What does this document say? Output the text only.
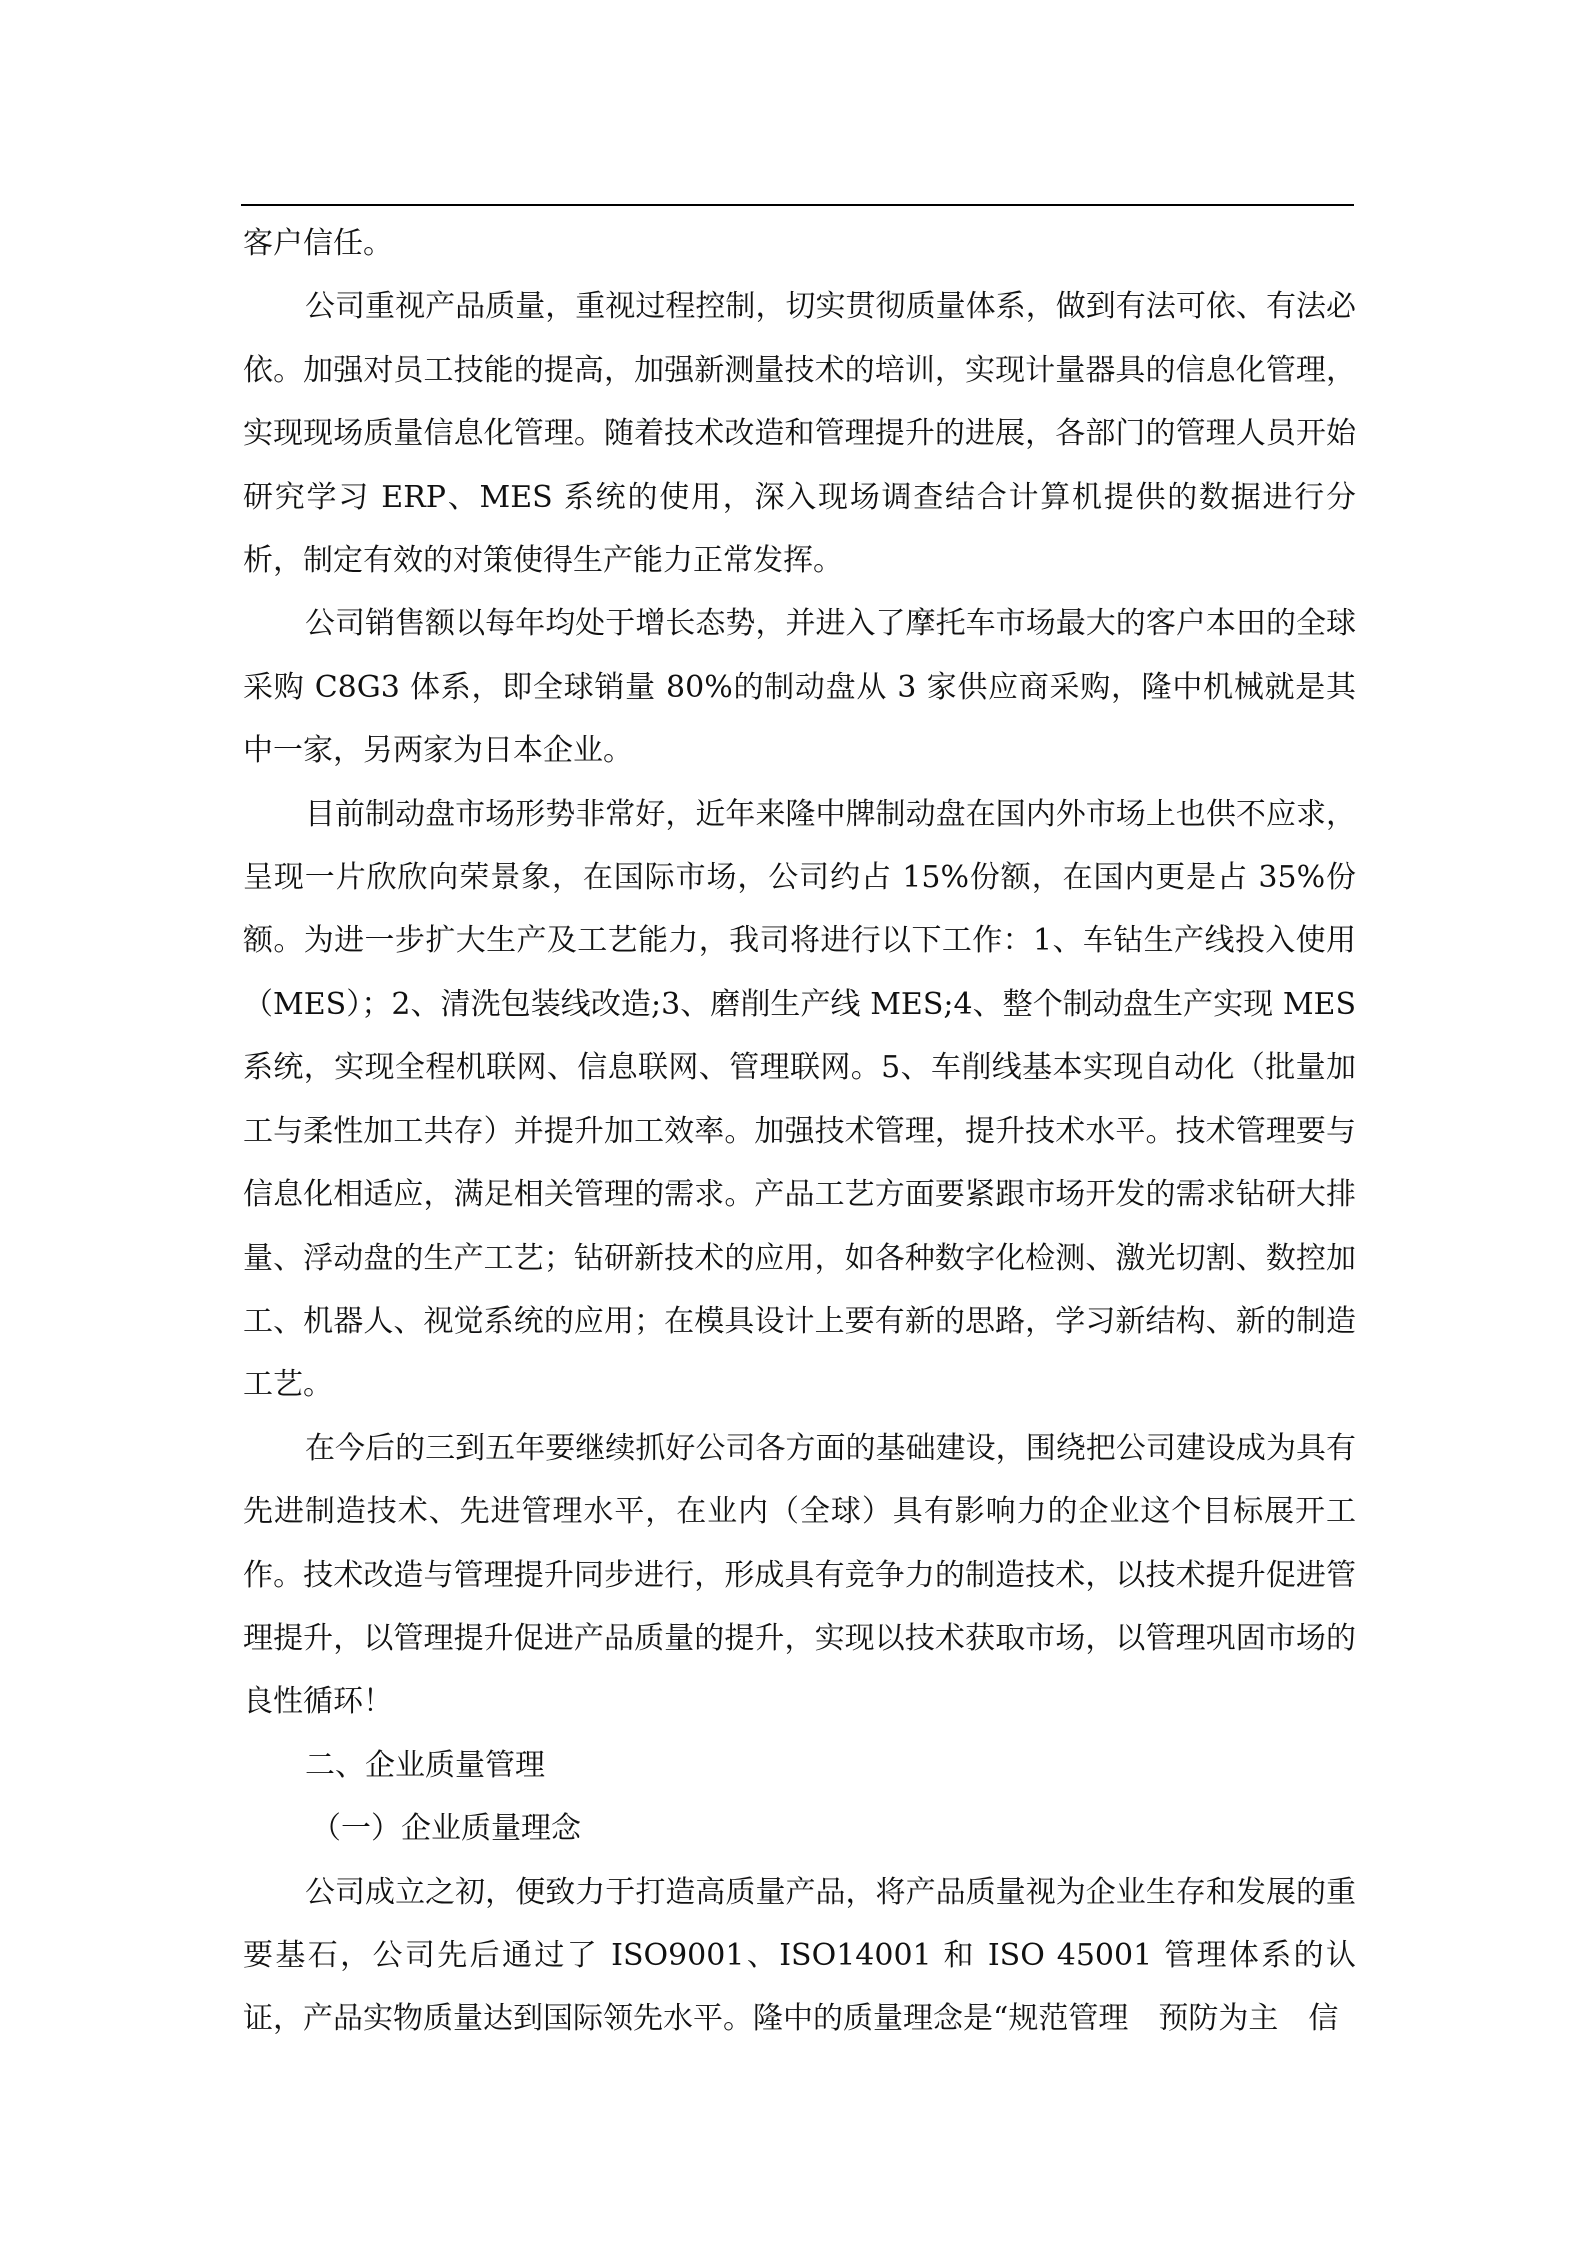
客户信任。

公司重视产品质量，重视过程控制，切实贯彻质量体系，做到有法可依、有法必依。加强对员工技能的提高，加强新测量技术的培训，实现计量器具的信息化管理，实现现场质量信息化管理。随着技术改造和管理提升的进展，各部门的管理人员开始研究学习 ERP、MES 系统的使用，深入现场调查结合计算机提供的数据进行分析，制定有效的对策使得生产能力正常发挥。

公司销售额以每年均处于增长态势，并进入了摩托车市场最大的客户本田的全球采购 C8G3 体系，即全球销量 80%的制动盘从 3 家供应商采购，隆中机械就是其中一家，另两家为日本企业。

目前制动盘市场形势非常好，近年来隆中牌制动盘在国内外市场上也供不应求，呈现一片欣欣向荣景象，在国际市场，公司约占 15%份额，在国内更是占 35%份额。为进一步扩大生产及工艺能力，我司将进行以下工作：1、车钻生产线投入使用（MES）；2、清洗包装线改造;3、磨削生产线 MES;4、整个制动盘生产实现 MES 系统，实现全程机联网、信息联网、管理联网。5、车削线基本实现自动化（批量加工与柔性加工共存）并提升加工效率。加强技术管理，提升技术水平。技术管理要与信息化相适应，满足相关管理的需求。产品工艺方面要紧跟市场开发的需求钻研大排量、浮动盘的生产工艺；钻研新技术的应用，如各种数字化检测、激光切割、数控加工、机器人、视觉系统的应用；在模具设计上要有新的思路，学习新结构、新的制造工艺。

在今后的三到五年要继续抓好公司各方面的基础建设，围绕把公司建设成为具有先进制造技术、先进管理水平，在业内（全球）具有影响力的企业这个目标展开工作。技术改造与管理提升同步进行，形成具有竞争力的制造技术，以技术提升促进管理提升，以管理提升促进产品质量的提升，实现以技术获取市场，以管理巩固市场的良性循环！

二、企业质量管理

（一）企业质量理念

公司成立之初，便致力于打造高质量产品，将产品质量视为企业生存和发展的重要基石，公司先后通过了 ISO9001、ISO14001 和 ISO 45001 管理体系的认证，产品实物质量达到国际领先水平。隆中的质量理念是“规范管理　预防为主　信
